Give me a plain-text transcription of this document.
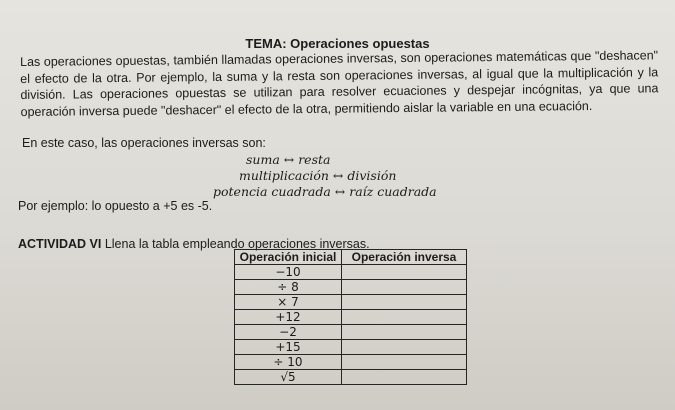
TEMA: Operaciones opuestas
Las operaciones opuestas, también llamadas operaciones inversas, son operaciones matemáticas que "deshacen" el efecto de la otra. Por ejemplo, la suma y la resta son operaciones inversas, al igual que la multiplicación y la división. Las operaciones opuestas se utilizan para resolver ecuaciones y despejar incógnitas, ya que una operación inversa puede "deshacer" el efecto de la otra, permitiendo aislar la variable en una ecuación.
En este caso, las operaciones inversas son:
suma ↔ resta
multiplicación ↔ división
potencia cuadrada ↔ raíz cuadrada
Por ejemplo: lo opuesto a +5 es -5.
ACTIVIDAD VI Llena la tabla empleando operaciones inversas.
Operación inicial	Operación inversa
−10	
÷ 8	
× 7	
+12	
−2	
+15	
÷ 10	
√5	
